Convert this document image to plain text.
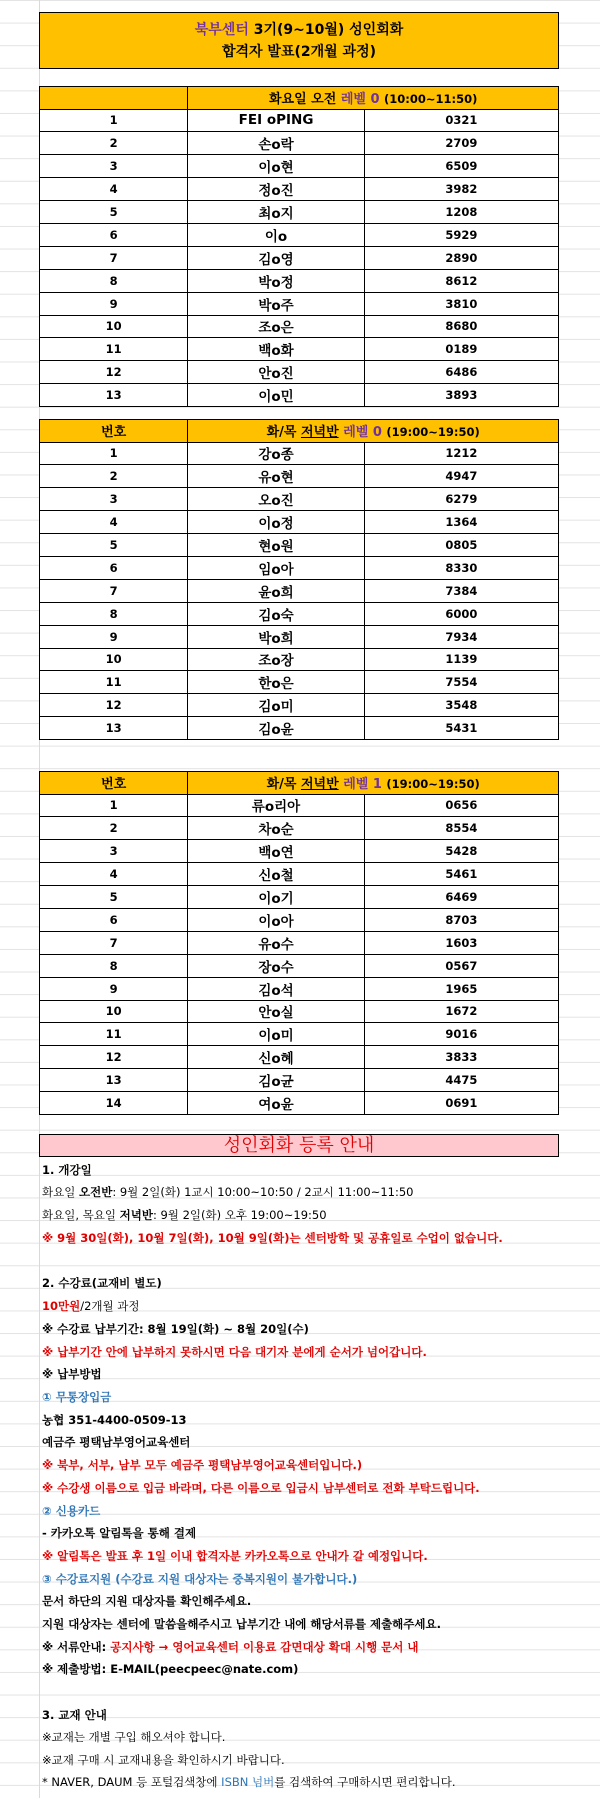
북부센터 3기(9~10월) 성인회화
합격자 발표(2개월 과정)
	화요일 오전 레벨 0 (10:00~11:50)	
1	FEI oPING	0321
2	손o락	2709
3	이o현	6509
4	정o진	3982
5	최o지	1208
6	이o	5929
7	김o영	2890
8	박o정	8612
9	박o주	3810
10	조o은	8680
11	백o화	0189
12	안o진	6486
13	이o민	3893
번호	화/목 저녁반 레벨 0 (19:00~19:50)	
1	강o종	1212
2	유o현	4947
3	오o진	6279
4	이o정	1364
5	현o원	0805
6	임o아	8330
7	윤o희	7384
8	김o숙	6000
9	박o희	7934
10	조o장	1139
11	한o은	7554
12	김o미	3548
13	김o윤	5431
번호	화/목 저녁반 레벨 1 (19:00~19:50)	
1	류o리아	0656
2	차o순	8554
3	백o연	5428
4	신o철	5461
5	이o기	6469
6	이o아	8703
7	유o수	1603
8	장o수	0567
9	김o석	1965
10	안o실	1672
11	이o미	9016
12	신o혜	3833
13	김o균	4475
14	여o윤	0691
성인회화 등록 안내
1. 개강일
화요일 오전반: 9월 2일(화) 1교시 10:00~10:50 / 2교시 11:00~11:50
화요일, 목요일 저녁반: 9월 2일(화) 오후 19:00~19:50
※ 9월 30일(화), 10월 7일(화), 10월 9일(화)는 센터방학 및 공휴일로 수업이 없습니다.
2. 수강료(교재비 별도)
10만원/2개월 과정
※ 수강료 납부기간: 8월 19일(화) ~ 8월 20일(수)
※ 납부기간 안에 납부하지 못하시면 다음 대기자 분에게 순서가 넘어갑니다.
※ 납부방법
① 무통장입금
농협 351-4400-0509-13
예금주 평택남부영어교육센터
※ 북부, 서부, 남부 모두 예금주 평택남부영어교육센터입니다.)
※ 수강생 이름으로 입금 바라며, 다른 이름으로 입금시 남부센터로 전화 부탁드립니다.
② 신용카드
- 카카오톡 알림톡을 통해 결제
※ 알림톡은 발표 후 1일 이내 합격자분 카카오톡으로 안내가 갈 예정입니다.
③ 수강료지원 (수강료 지원 대상자는 중복지원이 불가합니다.)
문서 하단의 지원 대상자를 확인해주세요.
지원 대상자는 센터에 말씀을해주시고 납부기간 내에 해당서류를 제출해주세요.
※ 서류안내: 공지사항 → 영어교육센터 이용료 감면대상 확대 시행 문서 내
※ 제출방법: E-MAIL(peecpeec@nate.com)
3. 교재 안내
※교재는 개별 구입 해오셔야 합니다.
※교재 구매 시 교재내용을 확인하시기 바랍니다.
* NAVER, DAUM 등 포털검색창에 ISBN 넘버를 검색하여 구매하시면 편리합니다.
